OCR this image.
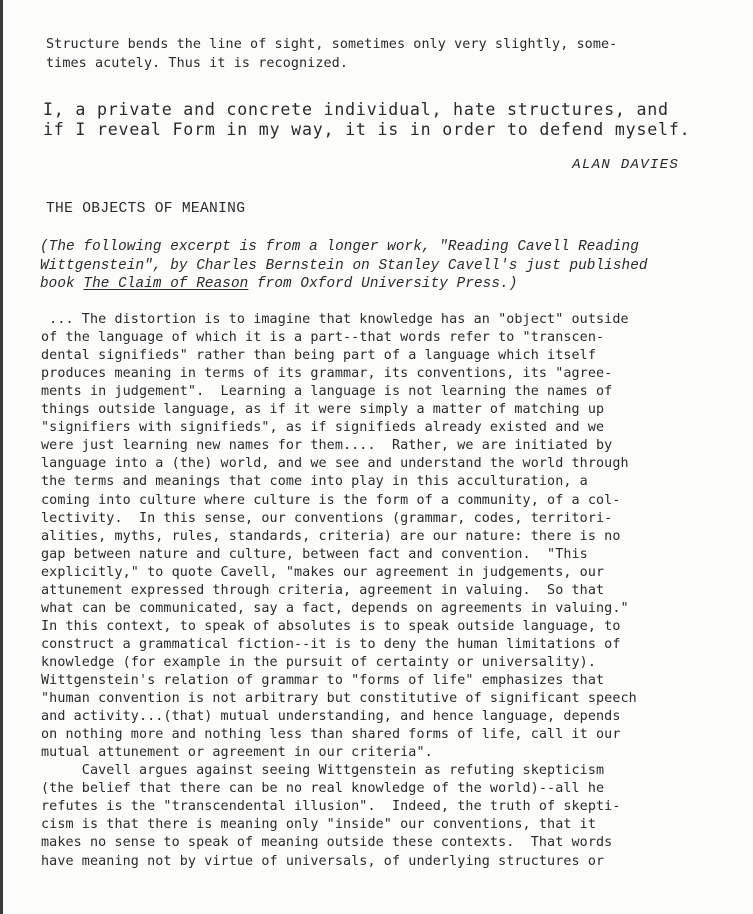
Structure bends the line of sight, sometimes only very slightly, some-
times acutely. Thus it is recognized.
I, a private and concrete individual, hate structures, and
if I reveal Form in my way, it is in order to defend myself.
ALAN DAVIES
THE OBJECTS OF MEANING
(The following excerpt is from a longer work, "Reading Cavell Reading
Wittgenstein", by Charles Bernstein on Stanley Cavell's just published
book The Claim of Reason from Oxford University Press.)
... The distortion is to imagine that knowledge has an "object" outside
of the language of which it is a part--that words refer to "transcen-
dental signifieds" rather than being part of a language which itself
produces meaning in terms of its grammar, its conventions, its "agree-
ments in judgement".  Learning a language is not learning the names of
things outside language, as if it were simply a matter of matching up
"signifiers with signifieds", as if signifieds already existed and we
were just learning new names for them....  Rather, we are initiated by
language into a (the) world, and we see and understand the world through
the terms and meanings that come into play in this acculturation, a
coming into culture where culture is the form of a community, of a col-
lectivity.  In this sense, our conventions (grammar, codes, territori-
alities, myths, rules, standards, criteria) are our nature: there is no
gap between nature and culture, between fact and convention.  "This
explicitly," to quote Cavell, "makes our agreement in judgements, our
attunement expressed through criteria, agreement in valuing.  So that
what can be communicated, say a fact, depends on agreements in valuing."
In this context, to speak of absolutes is to speak outside language, to
construct a grammatical fiction--it is to deny the human limitations of
knowledge (for example in the pursuit of certainty or universality).
Wittgenstein's relation of grammar to "forms of life" emphasizes that
"human convention is not arbitrary but constitutive of significant speech
and activity...(that) mutual understanding, and hence language, depends
on nothing more and nothing less than shared forms of life, call it our
mutual attunement or agreement in our criteria".
Cavell argues against seeing Wittgenstein as refuting skepticism
(the belief that there can be no real knowledge of the world)--all he
refutes is the "transcendental illusion".  Indeed, the truth of skepti-
cism is that there is meaning only "inside" our conventions, that it
makes no sense to speak of meaning outside these contexts.  That words
have meaning not by virtue of universals, of underlying structures or
